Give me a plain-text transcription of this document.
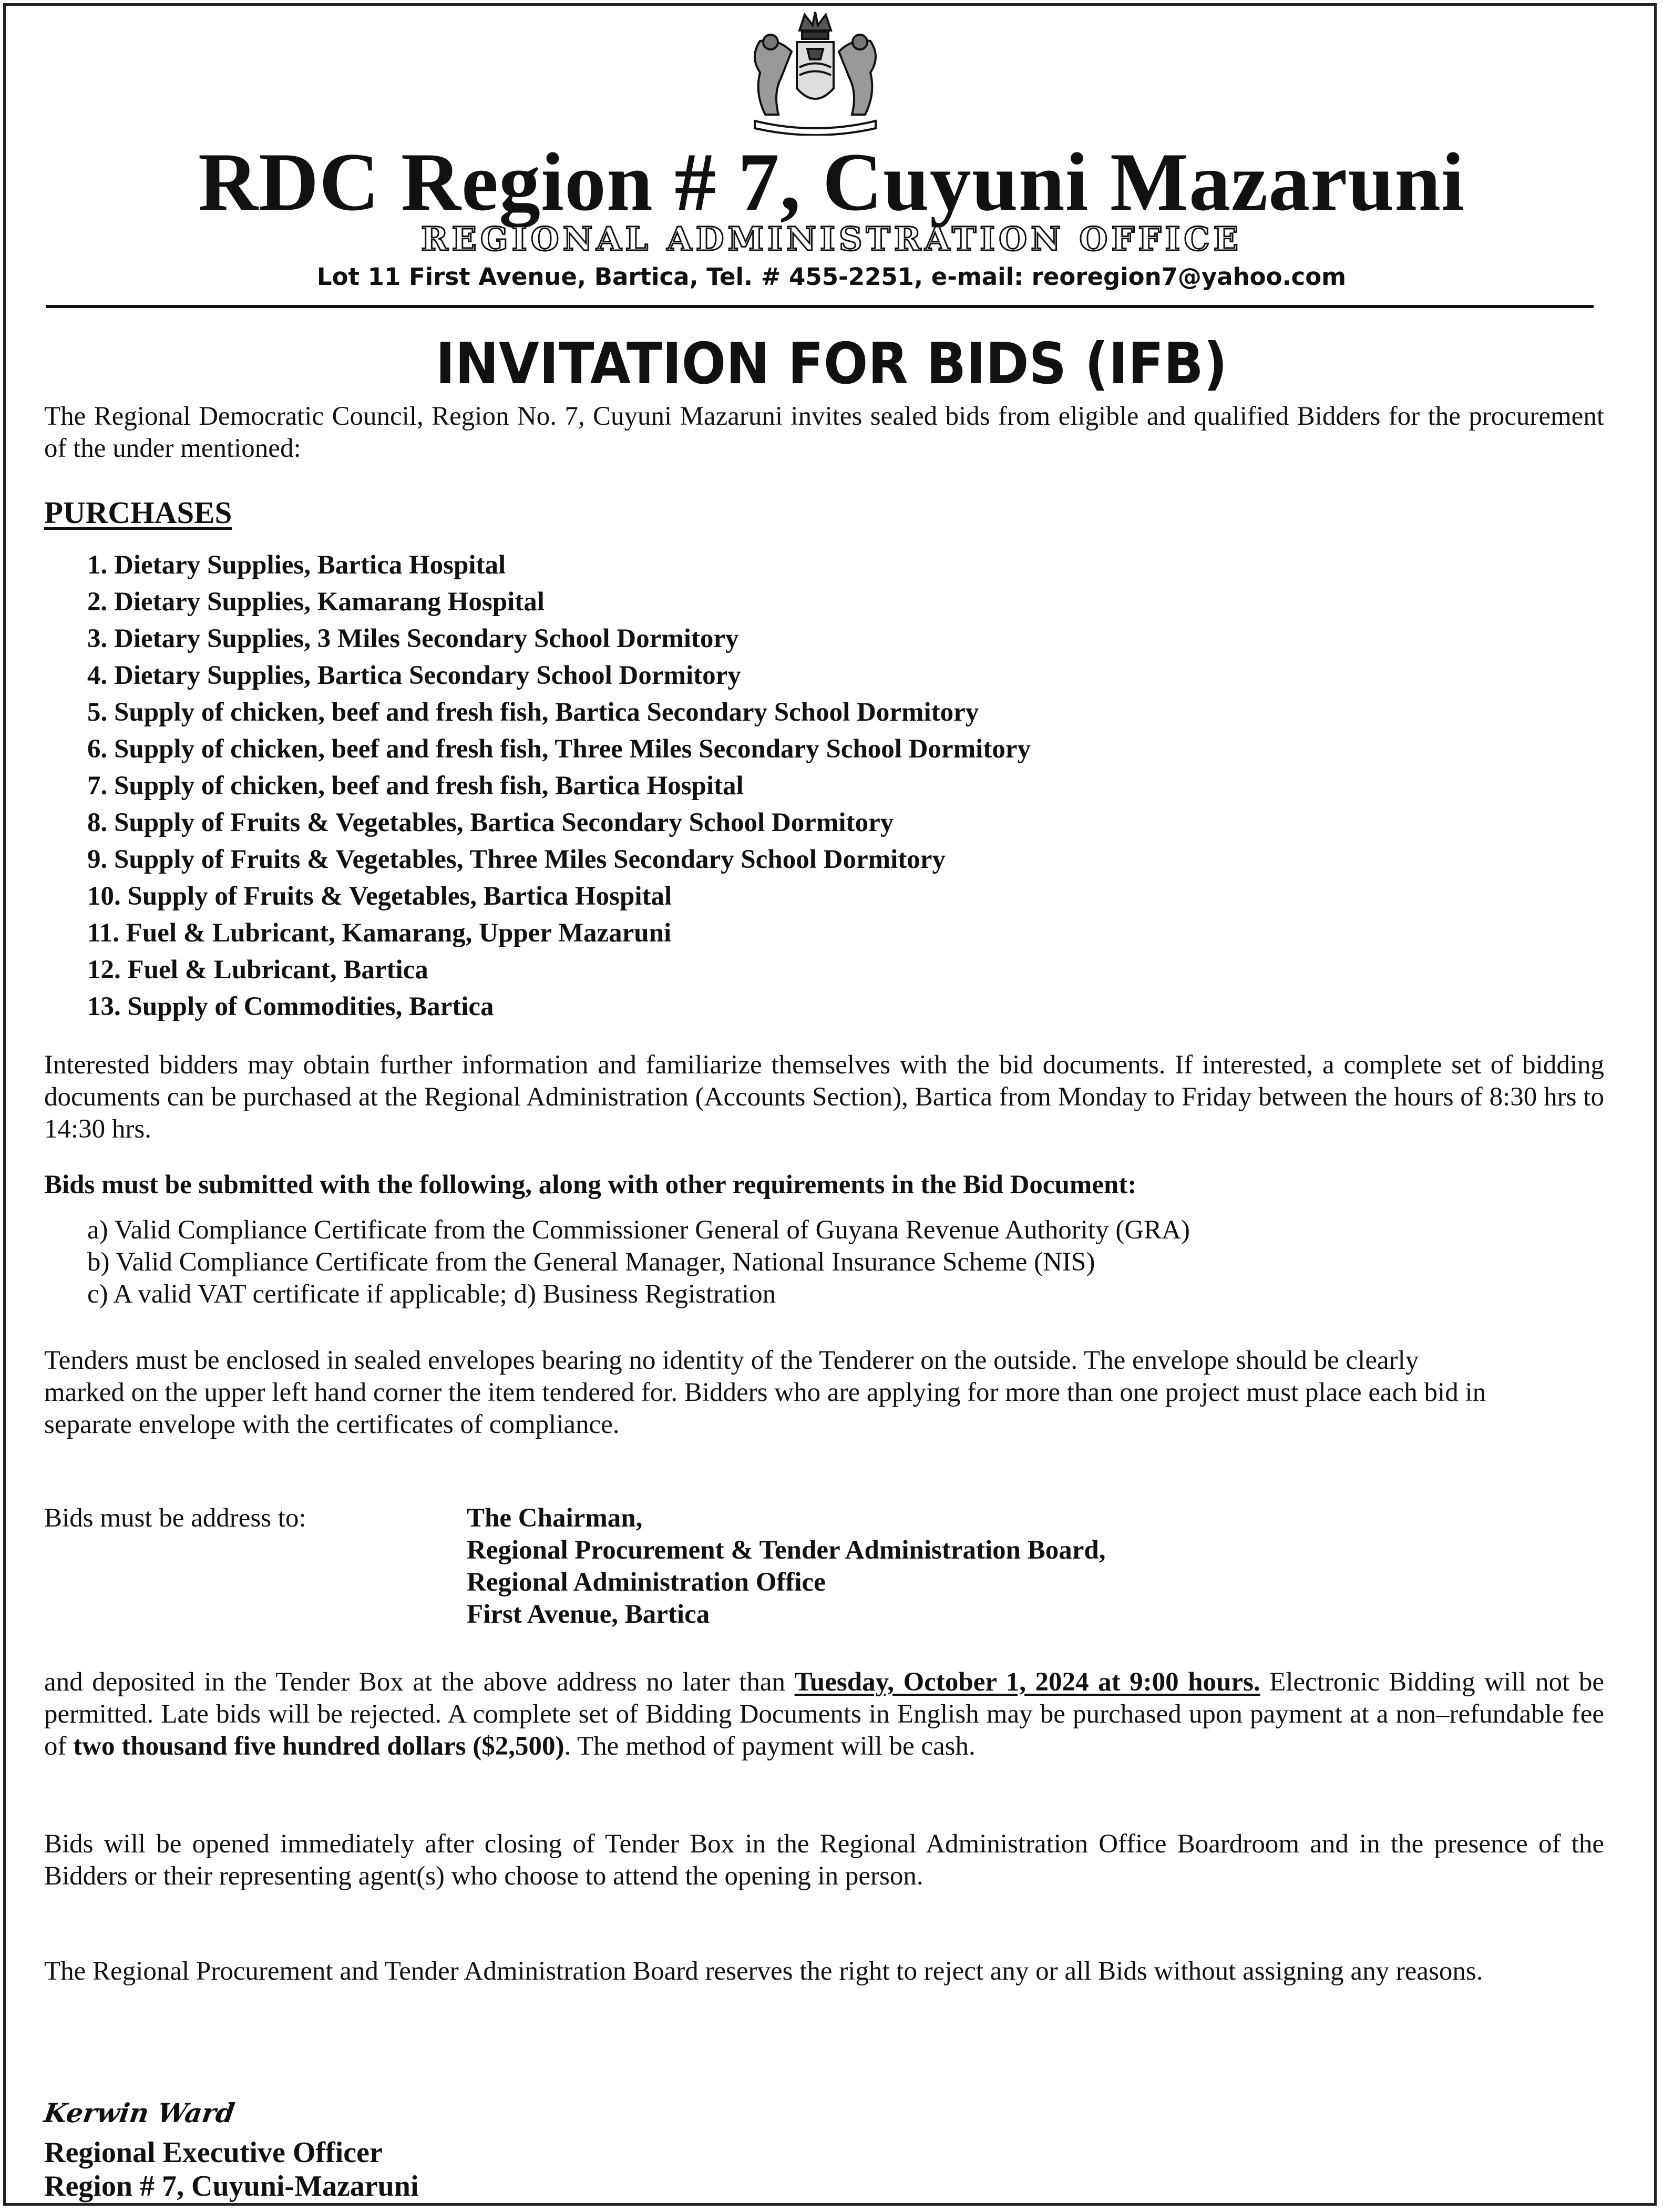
RDC Region # 7, Cuyuni Mazaruni
REGIONAL ADMINISTRATION OFFICE
Lot 11 First Avenue, Bartica, Tel. # 455-2251, e-mail: reoregion7@yahoo.com
INVITATION FOR BIDS (IFB)
The Regional Democratic Council, Region No. 7, Cuyuni Mazaruni invites sealed bids from eligible and qualified Bidders for the procurement of the under mentioned:
PURCHASES
1. Dietary Supplies, Bartica Hospital
2. Dietary Supplies, Kamarang Hospital
3. Dietary Supplies, 3 Miles Secondary School Dormitory
4. Dietary Supplies, Bartica Secondary School Dormitory
5. Supply of chicken, beef and fresh fish, Bartica Secondary School Dormitory
6. Supply of chicken, beef and fresh fish, Three Miles Secondary School Dormitory
7. Supply of chicken, beef and fresh fish, Bartica Hospital
8. Supply of Fruits & Vegetables, Bartica Secondary School Dormitory
9. Supply of Fruits & Vegetables, Three Miles Secondary School Dormitory
10. Supply of Fruits & Vegetables, Bartica Hospital
11. Fuel & Lubricant, Kamarang, Upper Mazaruni
12. Fuel & Lubricant, Bartica
13. Supply of Commodities, Bartica
Interested bidders may obtain further information and familiarize themselves with the bid documents. If interested, a complete set of bidding documents can be purchased at the Regional Administration (Accounts Section), Bartica from Monday to Friday between the hours of 8:30 hrs to 14:30 hrs.
Bids must be submitted with the following, along with other requirements in the Bid Document:
a) Valid Compliance Certificate from the Commissioner General of Guyana Revenue Authority (GRA)
b) Valid Compliance Certificate from the General Manager, National Insurance Scheme (NIS)
c) A valid VAT certificate if applicable; d) Business Registration
Tenders must be enclosed in sealed envelopes bearing no identity of the Tenderer on the outside. The envelope should be clearly marked on the upper left hand corner the item tendered for. Bidders who are applying for more than one project must place each bid in separate envelope with the certificates of compliance.
Bids must be address to:	The Chairman,
Regional Procurement & Tender Administration Board,
Regional Administration Office
First Avenue, Bartica
and deposited in the Tender Box at the above address no later than Tuesday, October 1, 2024 at 9:00 hours. Electronic Bidding will not be permitted. Late bids will be rejected. A complete set of Bidding Documents in English may be purchased upon payment at a non–refundable fee of two thousand five hundred dollars ($2,500). The method of payment will be cash.
Bids will be opened immediately after closing of Tender Box in the Regional Administration Office Boardroom and in the presence of the Bidders or their representing agent(s) who choose to attend the opening in person.
The Regional Procurement and Tender Administration Board reserves the right to reject any or all Bids without assigning any reasons.
Kerwin Ward
Regional Executive Officer
Region # 7, Cuyuni-Mazaruni
